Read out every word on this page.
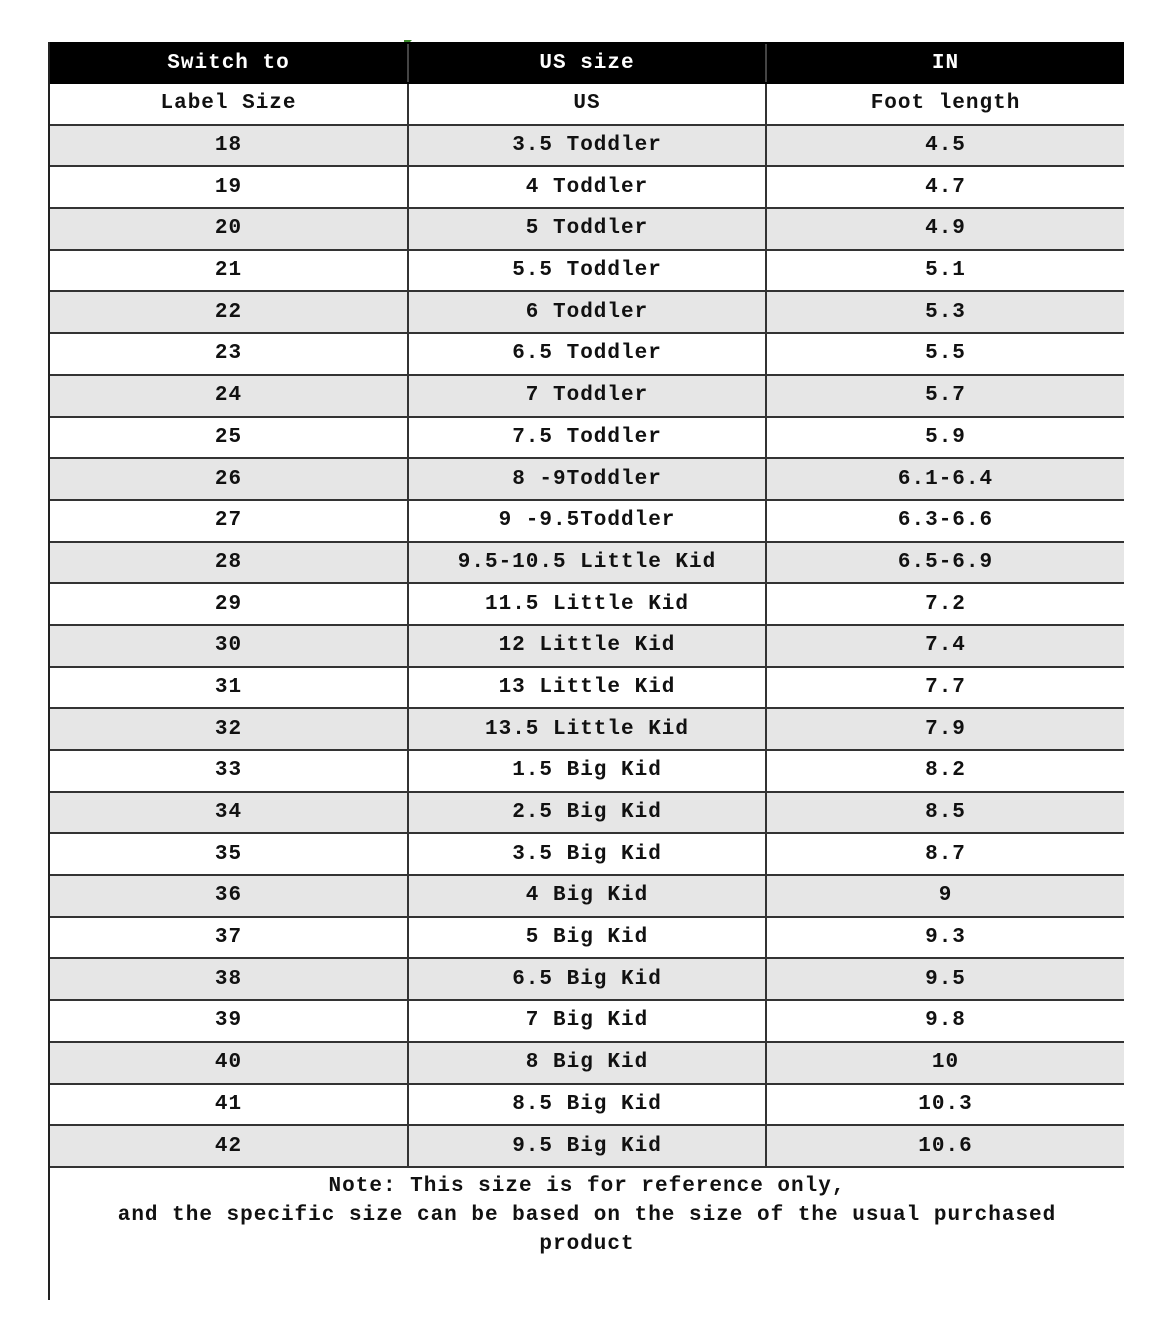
Switch to	US size	IN
Label Size	US	Foot length
18	3.5 Toddler	4.5
19	4 Toddler	4.7
20	5 Toddler	4.9
21	5.5 Toddler	5.1
22	6 Toddler	5.3
23	6.5 Toddler	5.5
24	7 Toddler	5.7
25	7.5 Toddler	5.9
26	8 -9Toddler	6.1-6.4
27	9 -9.5Toddler	6.3-6.6
28	9.5-10.5 Little Kid	6.5-6.9
29	11.5 Little Kid	7.2
30	12 Little Kid	7.4
31	13 Little Kid	7.7
32	13.5 Little Kid	7.9
33	1.5 Big Kid	8.2
34	2.5 Big Kid	8.5
35	3.5 Big Kid	8.7
36	4 Big Kid	9
37	5 Big Kid	9.3
38	6.5 Big Kid	9.5
39	7 Big Kid	9.8
40	8 Big Kid	10
41	8.5 Big Kid	10.3
42	9.5 Big Kid	10.6
Note: This size is for reference only,
and the specific size can be based on the size of the usual purchased
product
